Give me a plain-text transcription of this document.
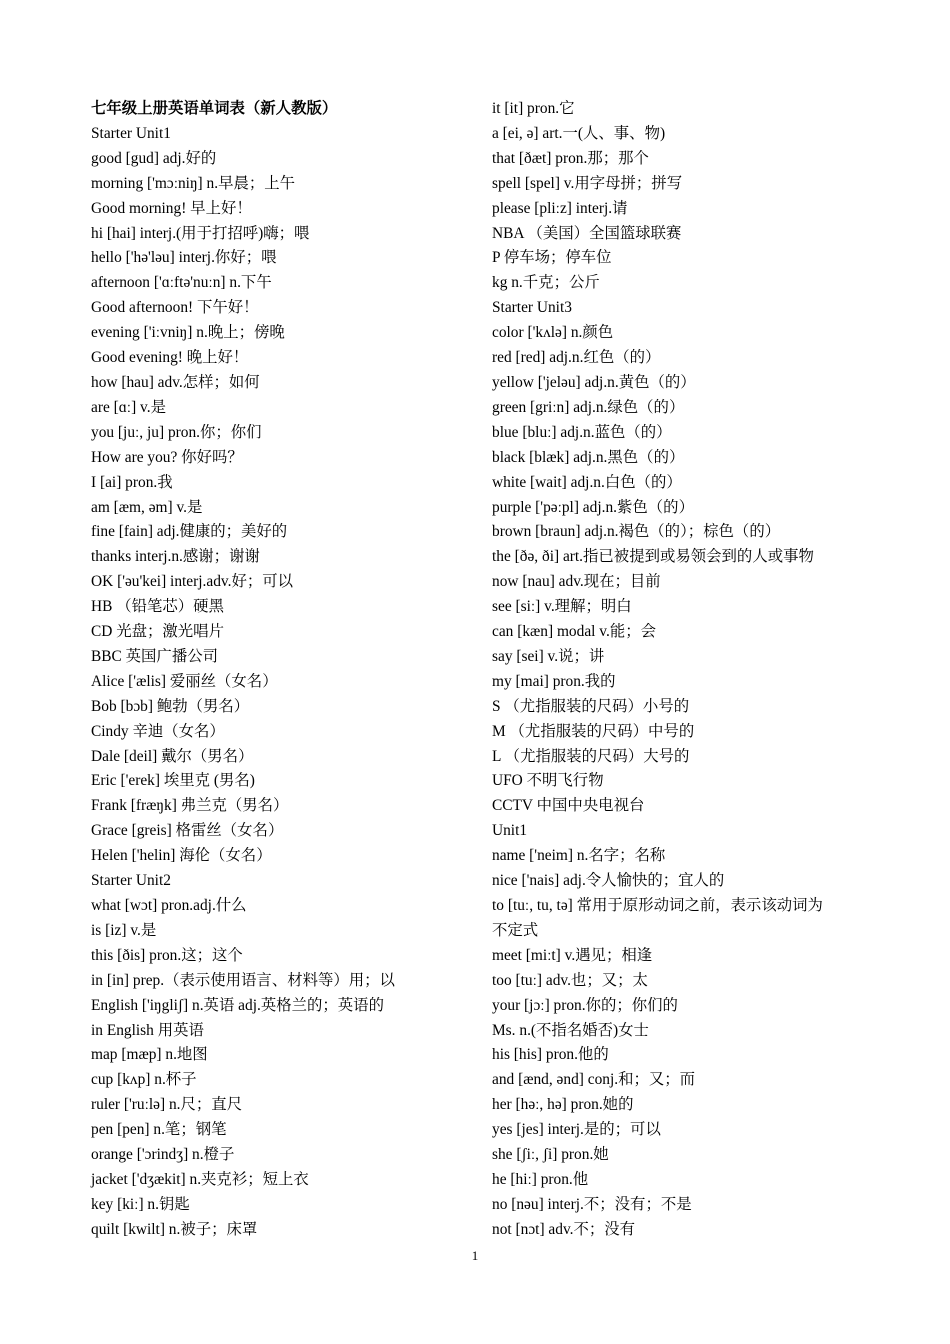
七年级上册英语单词表（新人教版）
Starter Unit1
good [gud] adj.好的
morning ['mɔːniŋ] n.早晨；上午
Good morning! 早上好！
hi [hai] interj.(用于打招呼)嗨；喂
hello ['hə'ləu] interj.你好；喂
afternoon ['ɑːftə'nuːn] n.下午
Good afternoon! 下午好！
evening ['iːvniŋ] n.晚上；傍晚
Good evening! 晚上好！
how [hau] adv.怎样；如何
are [ɑː] v.是
you [juː, ju] pron.你；你们
How are you? 你好吗？
I [ai] pron.我
am [æm, əm] v.是
fine [fain] adj.健康的；美好的
thanks interj.n.感谢；谢谢
OK ['əu'kei] interj.adv.好；可以
HB （铅笔芯）硬黑
CD 光盘；激光唱片
BBC 英国广播公司
Alice ['ælis] 爱丽丝（女名）
Bob [bɔb] 鲍勃（男名）
Cindy 辛迪（女名）
Dale [deil] 戴尔（男名）
Eric ['erek] 埃里克 (男名)
Frank [fræŋk] 弗兰克（男名）
Grace [greis] 格雷丝（女名）
Helen ['helin] 海伦（女名）
Starter Unit2
what [wɔt] pron.adj.什么
is [iz] v.是
this [ðis] pron.这；这个
in [in] prep.（表示使用语言、材料等）用；以
English ['iŋgliʃ] n.英语 adj.英格兰的；英语的
in English 用英语
map [mæp] n.地图
cup [kʌp] n.杯子
ruler ['ruːlə] n.尺；直尺
pen [pen] n.笔；钢笔
orange ['ɔrindʒ] n.橙子
jacket ['dʒækit] n.夹克衫；短上衣
key [kiː] n.钥匙
quilt [kwilt] n.被子；床罩
it [it] pron.它
a [ei, ə] art.一(人、事、物)
that [ðæt] pron.那；那个
spell [spel] v.用字母拼；拼写
please [pliːz] interj.请
NBA （美国）全国篮球联赛
P 停车场；停车位
kg n.千克；公斤
Starter Unit3
color ['kʌlə] n.颜色
red [red] adj.n.红色（的）
yellow ['jeləu] adj.n.黄色（的）
green [griːn] adj.n.绿色（的）
blue [bluː] adj.n.蓝色（的）
black [blæk] adj.n.黑色（的）
white [wait] adj.n.白色（的）
purple ['pəːpl] adj.n.紫色（的）
brown [braun] adj.n.褐色（的）；棕色（的）
the [ðə, ði] art.指已被提到或易领会到的人或事物
now [nau] adv.现在；目前
see [siː] v.理解；明白
can [kæn] modal v.能；会
say [sei] v.说；讲
my [mai] pron.我的
S （尤指服装的尺码）小号的
M （尤指服装的尺码）中号的
L （尤指服装的尺码）大号的
UFO 不明飞行物
CCTV 中国中央电视台
Unit1
name ['neim] n.名字；名称
nice ['nais] adj.令人愉快的；宜人的
to [tuː, tu, tə] 常用于原形动词之前，表示该动词为
不定式
meet [miːt] v.遇见；相逢
too [tuː] adv.也；又；太
your [jɔː] pron.你的；你们的
Ms. n.(不指名婚否)女士
his [his] pron.他的
and [ænd, ənd] conj.和；又；而
her [həː, hə] pron.她的
yes [jes] interj.是的；可以
she [ʃiː, ʃi] pron.她
he [hiː] pron.他
no [nəu] interj.不；没有；不是
not [nɔt] adv.不；没有
1
